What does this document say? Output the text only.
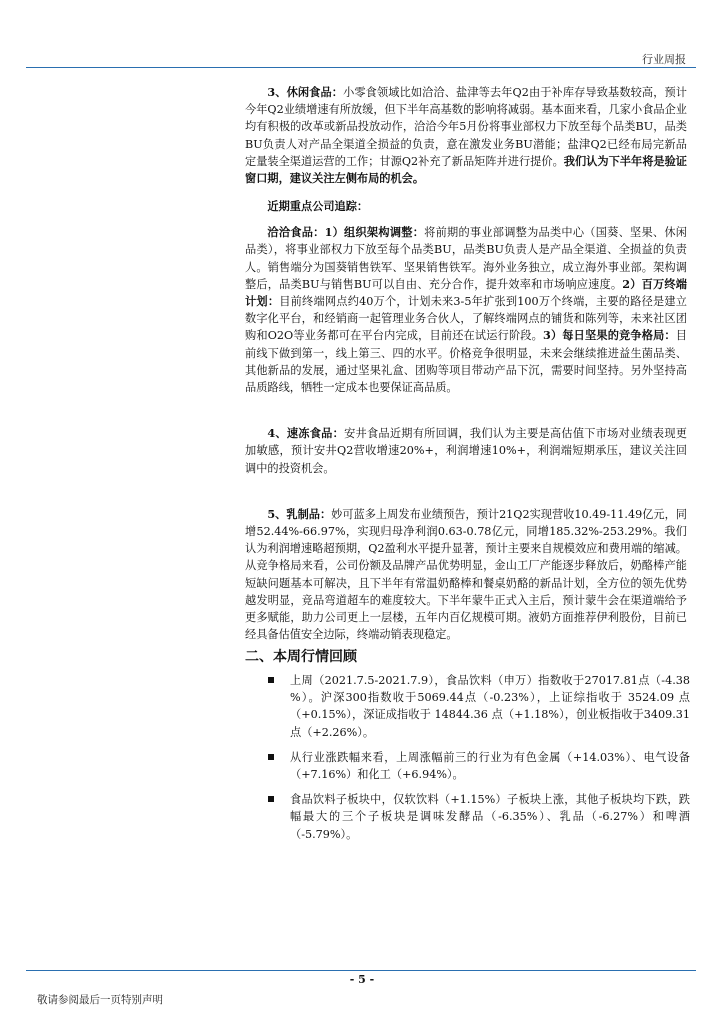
行业周报

3、休闲食品：小零食领域比如洽洽、盐津等去年Q2由于补库存导致基数较高，预计今年Q2业绩增速有所放缓，但下半年高基数的影响将减弱。基本面来看，几家小食品企业均有积极的改革或新品投放动作，洽洽今年5月份将事业部权力下放至每个品类BU，品类BU负责人对产品全渠道全损益的负责，意在激发业务BU潜能；盐津Q2已经布局完新品定量装全渠道运营的工作；甘源Q2补充了新品矩阵并进行提价。我们认为下半年将是验证窗口期，建议关注左侧布局的机会。

近期重点公司追踪：

洽洽食品：1）组织架构调整：将前期的事业部调整为品类中心（国葵、坚果、休闲品类），将事业部权力下放至每个品类BU，品类BU负责人是产品全渠道、全损益的负责人。销售端分为国葵销售铁军、坚果销售铁军。海外业务独立，成立海外事业部。架构调整后，品类BU与销售BU可以自由、充分合作，提升效率和市场响应速度。2）百万终端计划：目前终端网点约40万个，计划未来3-5年扩张到100万个终端，主要的路径是建立数字化平台，和经销商一起管理业务合伙人，了解终端网点的铺货和陈列等，未来社区团购和O2O等业务都可在平台内完成，目前还在试运行阶段。3）每日坚果的竞争格局：目前线下做到第一，线上第三、四的水平。价格竞争很明显，未来会继续推进益生菌品类、其他新品的发展，通过坚果礼盒、团购等项目带动产品下沉，需要时间坚持。另外坚持高品质路线，牺牲一定成本也要保证高品质。

4、速冻食品：安井食品近期有所回调，我们认为主要是高估值下市场对业绩表现更加敏感，预计安井Q2营收增速20%+，利润增速10%+，利润端短期承压，建议关注回调中的投资机会。

5、乳制品：妙可蓝多上周发布业绩预告，预计21Q2实现营收10.49-11.49亿元，同增52.44%-66.97%，实现归母净利润0.63-0.78亿元，同增185.32%-253.29%。我们认为利润增速略超预期，Q2盈利水平提升显著，预计主要来自规模效应和费用端的缩减。从竞争格局来看，公司份额及品牌产品优势明显，金山工厂产能逐步释放后，奶酪棒产能短缺问题基本可解决，且下半年有常温奶酪棒和餐桌奶酪的新品计划，全方位的领先优势越发明显，竞品弯道超车的难度较大。下半年蒙牛正式入主后，预计蒙牛会在渠道端给予更多赋能，助力公司更上一层楼，五年内百亿规模可期。液奶方面推荐伊利股份，目前已经具备估值安全边际，终端动销表现稳定。

二、本周行情回顾
上周（2021.7.5-2021.7.9），食品饮料（申万）指数收于27017.81点（-4.38 %）。沪深300指数收于5069.44点（-0.23%），上证综指收于 3524.09 点（+0.15%），深证成指收于 14844.36 点（+1.18%），创业板指收于3409.31点（+2.26%）。
从行业涨跌幅来看，上周涨幅前三的行业为有色金属（+14.03%）、电气设备（+7.16%）和化工（+6.94%）。
食品饮料子板块中，仅软饮料（+1.15%）子板块上涨，其他子板块均下跌，跌幅最大的三个子板块是调味发酵品（-6.35%）、乳品（-6.27%）和啤酒（-5.79%）。
- 5 -
敬请参阅最后一页特别声明
